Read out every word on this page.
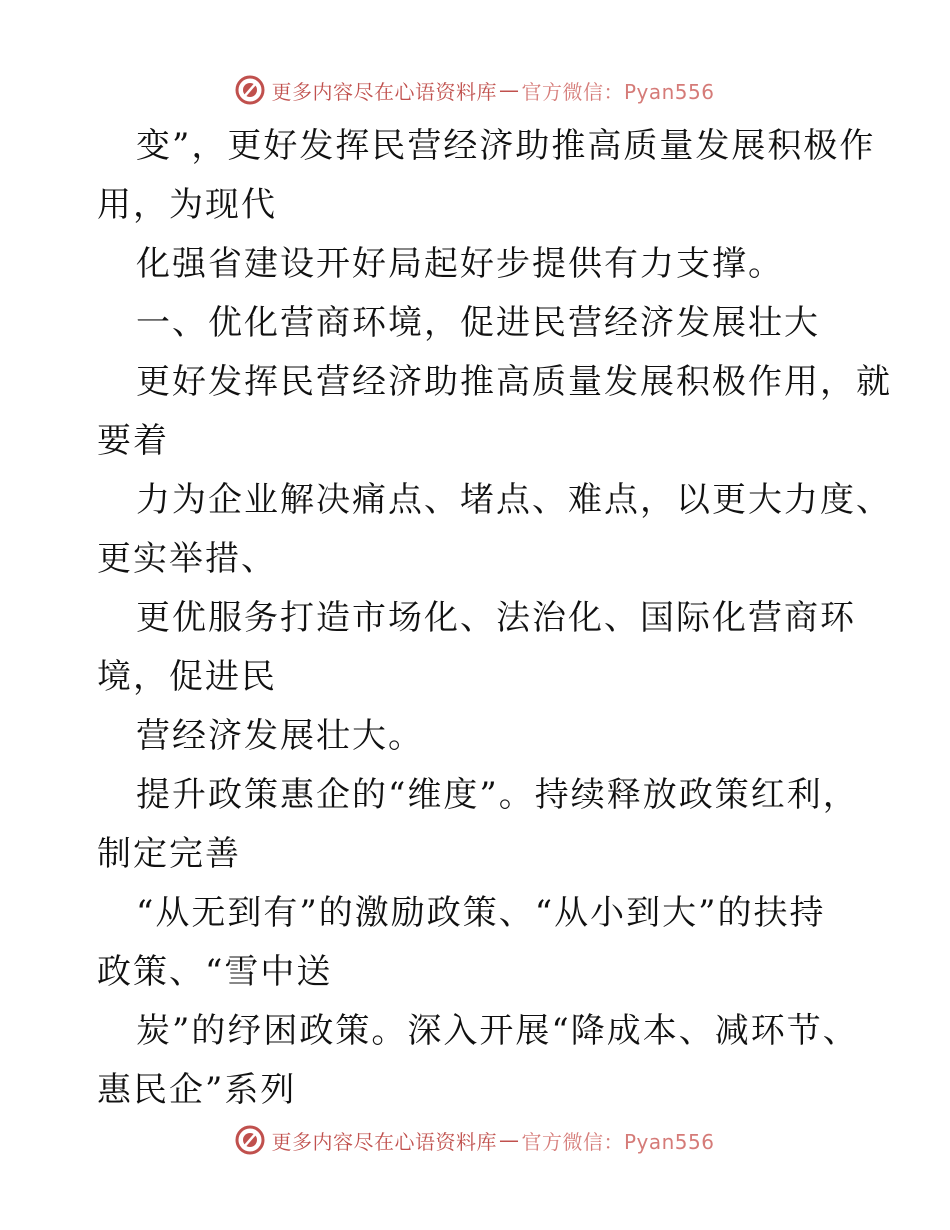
更多内容尽在心语资料库 — 官方微信：Pyan556
变”，更好发挥民营经济助推高质量发展积极作
用，为现代
化强省建设开好局起好步提供有力支撑。
一、优化营商环境，促进民营经济发展壮大
更好发挥民营经济助推高质量发展积极作用，就
要着
力为企业解决痛点、堵点、难点，以更大力度、
更实举措、
更优服务打造市场化、法治化、国际化营商环
境，促进民
营经济发展壮大。
提升政策惠企的“维度”。持续释放政策红利，
制定完善
“从无到有”的激励政策、“从小到大”的扶持
政策、“雪中送
炭”的纾困政策。深入开展“降成本、减环节、
惠民企”系列
更多内容尽在心语资料库 — 官方微信：Pyan556
